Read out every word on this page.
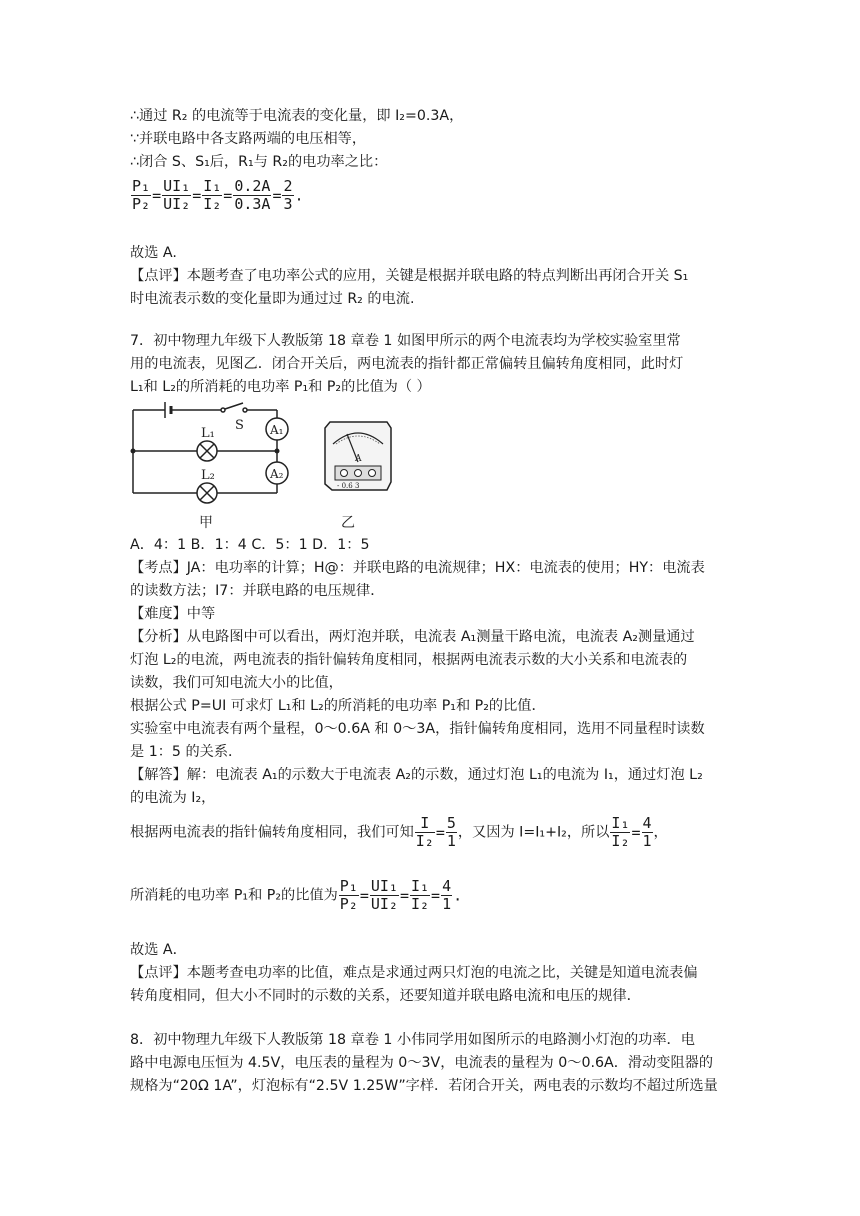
∴通过 R₂ 的电流等于电流表的变化量，即 I₂=0.3A，
∵并联电路中各支路两端的电压相等，
∴闭合 S、S₁后，R₁与 R₂的电功率之比：
$\frac{\text{P₁}}{\text{P₂}} = \frac{\text{UI₁}}{\text{UI₂}} = \frac{\text{I₁}}{\text{I₂}} = \frac{0.2A}{0.3A} = \frac{2}{3}$ .
故选 A.
【点评】本题考查了电功率公式的应用，关键是根据并联电路的特点判断出再闭合开关 S₁
时电流表示数的变化量即为通过过 R₂ 的电流.
7．初中物理九年级下人教版第 18 章卷 1 如图甲所示的两个电流表均为学校实验室里常
用的电流表，见图乙．闭合开关后，两电流表的指针都正常偏转且偏转角度相同，此时灯
L₁和 L₂的所消耗的电功率 P₁和 P₂的比值为（ ）
S
L₁
L₂
A₁
A₂
A
- 0.6 3
甲	乙
A．4：1 B．1：4 C．5：1 D．1：5
【考点】JA：电功率的计算；H@：并联电路的电流规律；HX：电流表的使用；HY：电流表
的读数方法；I7：并联电路的电压规律．
【难度】中等
【分析】从电路图中可以看出，两灯泡并联，电流表 A₁测量干路电流，电流表 A₂测量通过
灯泡 L₂的电流，两电流表的指针偏转角度相同，根据两电流表示数的大小关系和电流表的
读数，我们可知电流大小的比值，
根据公式 P=UI 可求灯 L₁和 L₂的所消耗的电功率 P₁和 P₂的比值．
实验室中电流表有两个量程，0～0.6A 和 0～3A，指针偏转角度相同，选用不同量程时读数
是 1：5 的关系．
【解答】解：电流表 A₁的示数大于电流表 A₂的示数，通过灯泡 L₁的电流为 I₁，通过灯泡 L₂
的电流为 I₂，
根据两电流表的指针偏转角度相同，我们可知 $\frac{I}{\text{I₂}} = \frac{5}{1}$ ，又因为 I=I₁+I₂，所以 $\frac{\text{I₁}}{\text{I₂}} = \frac{4}{1}$ ，
所消耗的电功率 P₁和 P₂的比值为 $\frac{\text{P₁}}{\text{P₂}} = \frac{\text{UI₁}}{\text{UI₂}} = \frac{\text{I₁}}{\text{I₂}} = \frac{4}{1}$ .
故选 A．
【点评】本题考查电功率的比值，难点是求通过两只灯泡的电流之比，关键是知道电流表偏
转角度相同，但大小不同时的示数的关系，还要知道并联电路电流和电压的规律．
8．初中物理九年级下人教版第 18 章卷 1 小伟同学用如图所示的电路测小灯泡的功率．电
路中电源电压恒为 4.5V，电压表的量程为 0～3V，电流表的量程为 0～0.6A．滑动变阻器的
规格为“20Ω 1A”，灯泡标有“2.5V 1.25W”字样．若闭合开关，两电表的示数均不超过所选量
